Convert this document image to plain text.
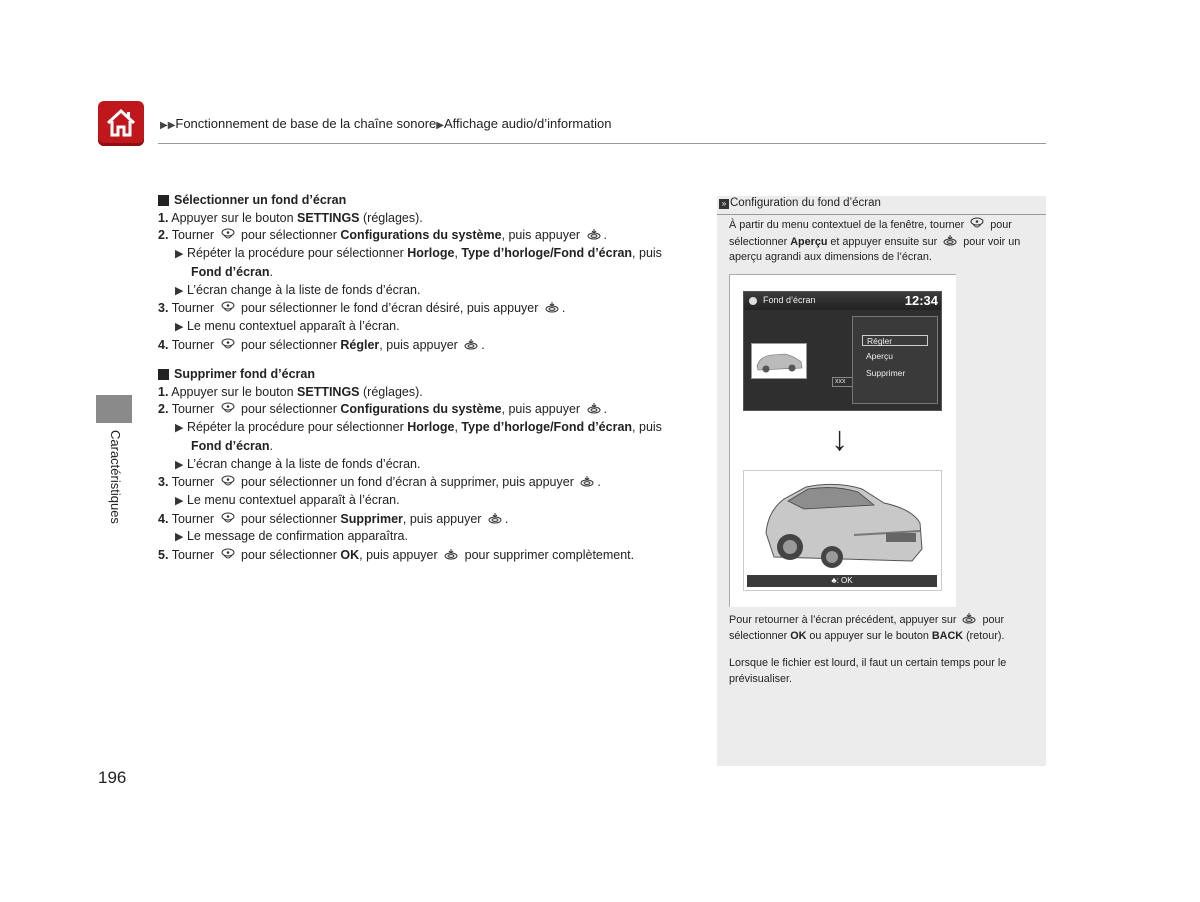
▶▶Fonctionnement de base de la chaîne sonore▶Affichage audio/d’information
Caractéristiques
196
Sélectionner un fond d’écran
1. Appuyer sur le bouton SETTINGS (réglages).
2. Tourner  pour sélectionner Configurations du système, puis appuyer .
▶ Répéter la procédure pour sélectionner Horloge, Type d’horloge/Fond d’écran, puis
Fond d’écran.
▶ L’écran change à la liste de fonds d’écran.
3. Tourner  pour sélectionner le fond d’écran désiré, puis appuyer .
▶ Le menu contextuel apparaît à l’écran.
4. Tourner  pour sélectionner Régler, puis appuyer .
Supprimer fond d’écran
1. Appuyer sur le bouton SETTINGS (réglages).
2. Tourner  pour sélectionner Configurations du système, puis appuyer .
▶ Répéter la procédure pour sélectionner Horloge, Type d’horloge/Fond d’écran, puis
Fond d’écran.
▶ L’écran change à la liste de fonds d’écran.
3. Tourner  pour sélectionner un fond d’écran à supprimer, puis appuyer .
▶ Le menu contextuel apparaît à l’écran.
4. Tourner  pour sélectionner Supprimer, puis appuyer .
▶ Le message de confirmation apparaîtra.
5. Tourner  pour sélectionner OK, puis appuyer  pour supprimer complètement.
» Configuration du fond d’écran
À partir du menu contextuel de la fenêtre, tourner  pour
sélectionner Aperçu et appuyer ensuite sur  pour voir un
aperçu agrandi aux dimensions de l’écran.
Fond d’écran	12:34
xxx
Régler
Aperçu
Supprimer
↓
♣: OK
Pour retourner à l’écran précédent, appuyer sur  pour
sélectionner OK ou appuyer sur le bouton BACK (retour).
Lorsque le fichier est lourd, il faut un certain temps pour le
prévisualiser.
